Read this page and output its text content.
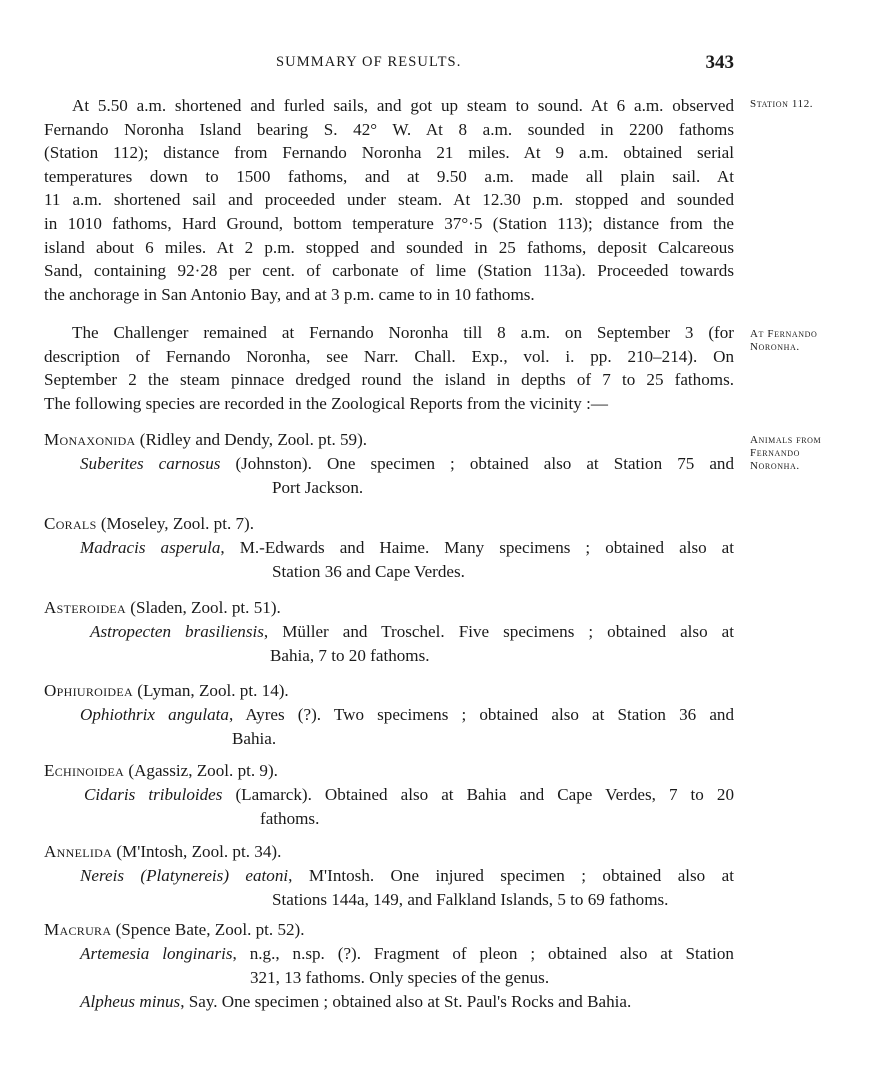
SUMMARY OF RESULTS.	343
Station 112.
At Fernando
Noronha.
Animals from
Fernando
Noronha.
At 5.50 a.m. shortened and furled sails, and got up steam to sound. At 6 a.m. observed
Fernando Noronha Island bearing S. 42° W. At 8 a.m. sounded in 2200 fathoms
(Station 112); distance from Fernando Noronha 21 miles. At 9 a.m. obtained serial
temperatures down to 1500 fathoms, and at 9.50 a.m. made all plain sail. At
11 a.m. shortened sail and proceeded under steam. At 12.30 p.m. stopped and sounded
in 1010 fathoms, Hard Ground, bottom temperature 37°·5 (Station 113); distance from the
island about 6 miles. At 2 p.m. stopped and sounded in 25 fathoms, deposit Calcareous
Sand, containing 92·28 per cent. of carbonate of lime (Station 113a). Proceeded towards
the anchorage in San Antonio Bay, and at 3 p.m. came to in 10 fathoms.
The Challenger remained at Fernando Noronha till 8 a.m. on September 3 (for
description of Fernando Noronha, see Narr. Chall. Exp., vol. i. pp. 210–214). On
September 2 the steam pinnace dredged round the island in depths of 7 to 25 fathoms.
The following species are recorded in the Zoological Reports from the vicinity :—
Monaxonida (Ridley and Dendy, Zool. pt. 59).
Suberites carnosus (Johnston). One specimen ; obtained also at Station 75 and
Port Jackson.
Corals (Moseley, Zool. pt. 7).
Madracis asperula, M.-Edwards and Haime. Many specimens ; obtained also at
Station 36 and Cape Verdes.
Asteroidea (Sladen, Zool. pt. 51).
Astropecten brasiliensis, Müller and Troschel. Five specimens ; obtained also at
Bahia, 7 to 20 fathoms.
Ophiuroidea (Lyman, Zool. pt. 14).
Ophiothrix angulata, Ayres (?). Two specimens ; obtained also at Station 36 and
Bahia.
Echinoidea (Agassiz, Zool. pt. 9).
Cidaris tribuloides (Lamarck). Obtained also at Bahia and Cape Verdes, 7 to 20
fathoms.
Annelida (M'Intosh, Zool. pt. 34).
Nereis (Platynereis) eatoni, M'Intosh. One injured specimen ; obtained also at
Stations 144a, 149, and Falkland Islands, 5 to 69 fathoms.
Macrura (Spence Bate, Zool. pt. 52).
Artemesia longinaris, n.g., n.sp. (?). Fragment of pleon ; obtained also at Station
321, 13 fathoms. Only species of the genus.
Alpheus minus, Say. One specimen ; obtained also at St. Paul's Rocks and Bahia.
